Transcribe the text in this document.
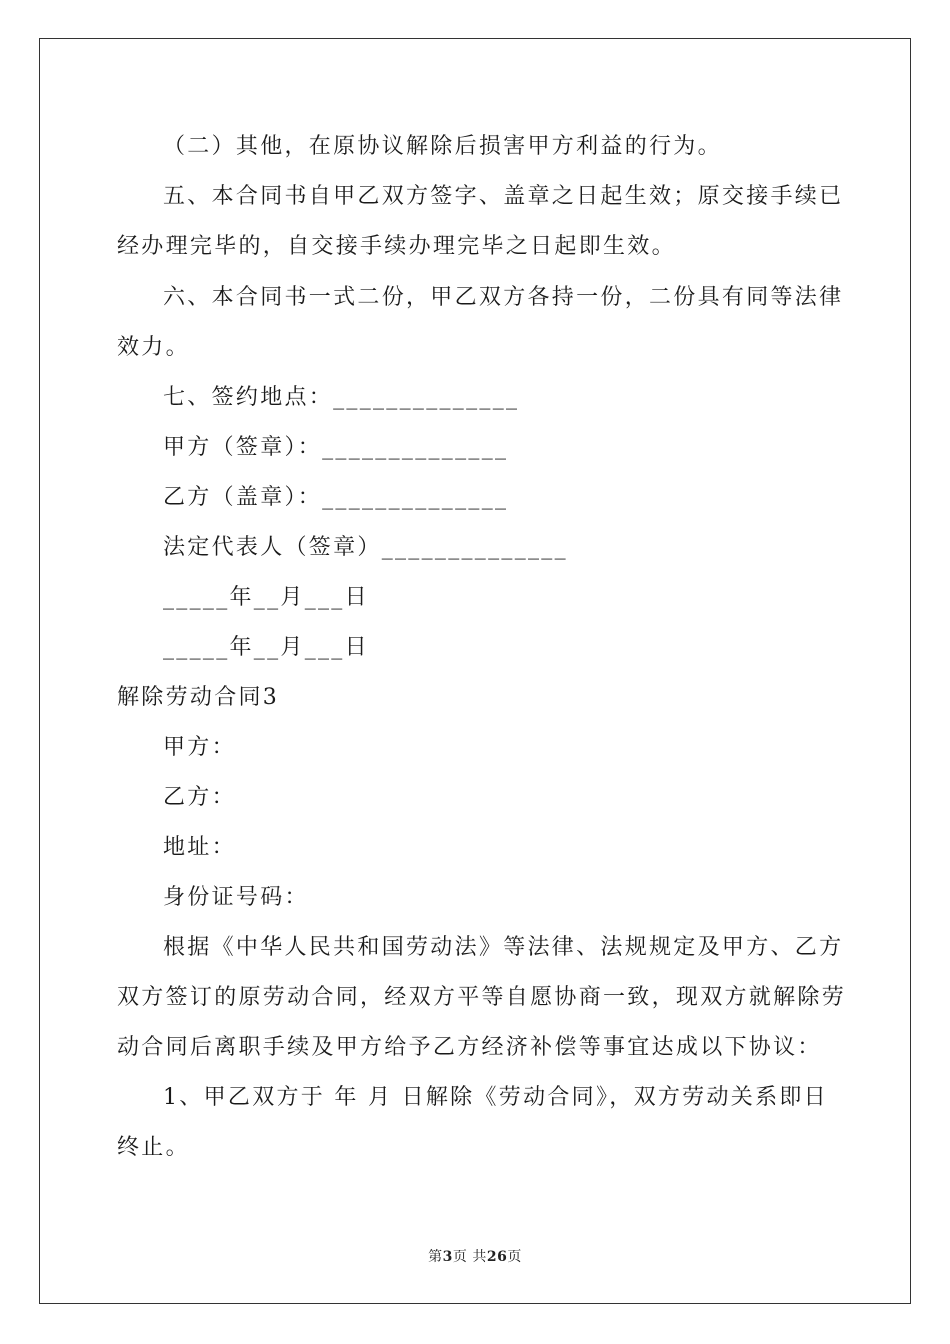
（二）其他，在原协议解除后损害甲方利益的行为。
五、本合同书自甲乙双方签字、盖章之日起生效；原交接手续已
经办理完毕的，自交接手续办理完毕之日起即生效。
六、本合同书一式二份，甲乙双方各持一份，二份具有同等法律
效力。
七、签约地点：______________
甲方（签章）：______________
乙方（盖章）：______________
法定代表人（签章）______________
_____年__月___日
_____年__月___日
解除劳动合同3
甲方：
乙方：
地址：
身份证号码：
根据《中华人民共和国劳动法》等法律、法规规定及甲方、乙方
双方签订的原劳动合同，经双方平等自愿协商一致，现双方就解除劳
动合同后离职手续及甲方给予乙方经济补偿等事宜达成以下协议：
1、甲乙双方于 年 月 日解除《劳动合同》，双方劳动关系即日
终止。
第3页 共26页
